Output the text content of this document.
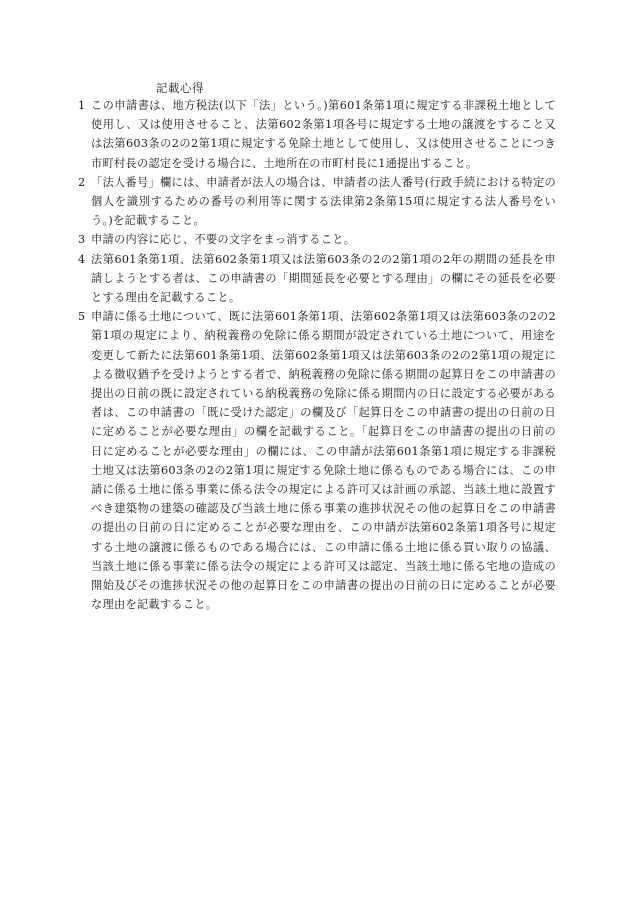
記載心得
1 この申請書は、地方税法(以下「法」という。)第601条第1項に規定する非課税土地として使用し、又は使用させること、法第602条第1項各号に規定する土地の譲渡をすること又は法第603条の2の2第1項に規定する免除土地として使用し、又は使用させることにつき市町村長の認定を受ける場合に、土地所在の市町村長に1通提出すること。
2 「法人番号」欄には、申請者が法人の場合は、申請者の法人番号(行政手続における特定の個人を識別するための番号の利用等に関する法律第2条第15項に規定する法人番号をいう。)を記載すること。
3 申請の内容に応じ、不要の文字をまっ消すること。
4 法第601条第1項、法第602条第1項又は法第603条の2の2第1項の2年の期間の延長を申請しようとする者は、この申請書の「期間延長を必要とする理由」の欄にその延長を必要とする理由を記載すること。
5 申請に係る土地について、既に法第601条第1項、法第602条第1項又は法第603条の2の2第1項の規定により、納税義務の免除に係る期間が設定されている土地について、用途を変更して新たに法第601条第1項、法第602条第1項又は法第603条の2の2第1項の規定による徴収猶予を受けようとする者で、納税義務の免除に係る期間の起算日をこの申請書の提出の日前の既に設定されている納税義務の免除に係る期間内の日に設定する必要がある者は、この申請書の「既に受けた認定」の欄及び「起算日をこの申請書の提出の日前の日に定めることが必要な理由」の欄を記載すること。「起算日をこの申請書の提出の日前の日に定めることが必要な理由」の欄には、この申請が法第601条第1項に規定する非課税土地又は法第603条の2の2第1項に規定する免除土地に係るものである場合には、この申請に係る土地に係る事業に係る法令の規定による許可又は計画の承認、当該土地に設置すべき建築物の建築の確認及び当該土地に係る事業の進捗状況その他の起算日をこの申請書の提出の日前の日に定めることが必要な理由を、この申請が法第602条第1項各号に規定する土地の譲渡に係るものである場合には、この申請に係る土地に係る買い取りの協議、当該土地に係る事業に係る法令の規定による許可又は認定、当該土地に係る宅地の造成の開始及びその進捗状況その他の起算日をこの申請書の提出の日前の日に定めることが必要な理由を記載すること。
